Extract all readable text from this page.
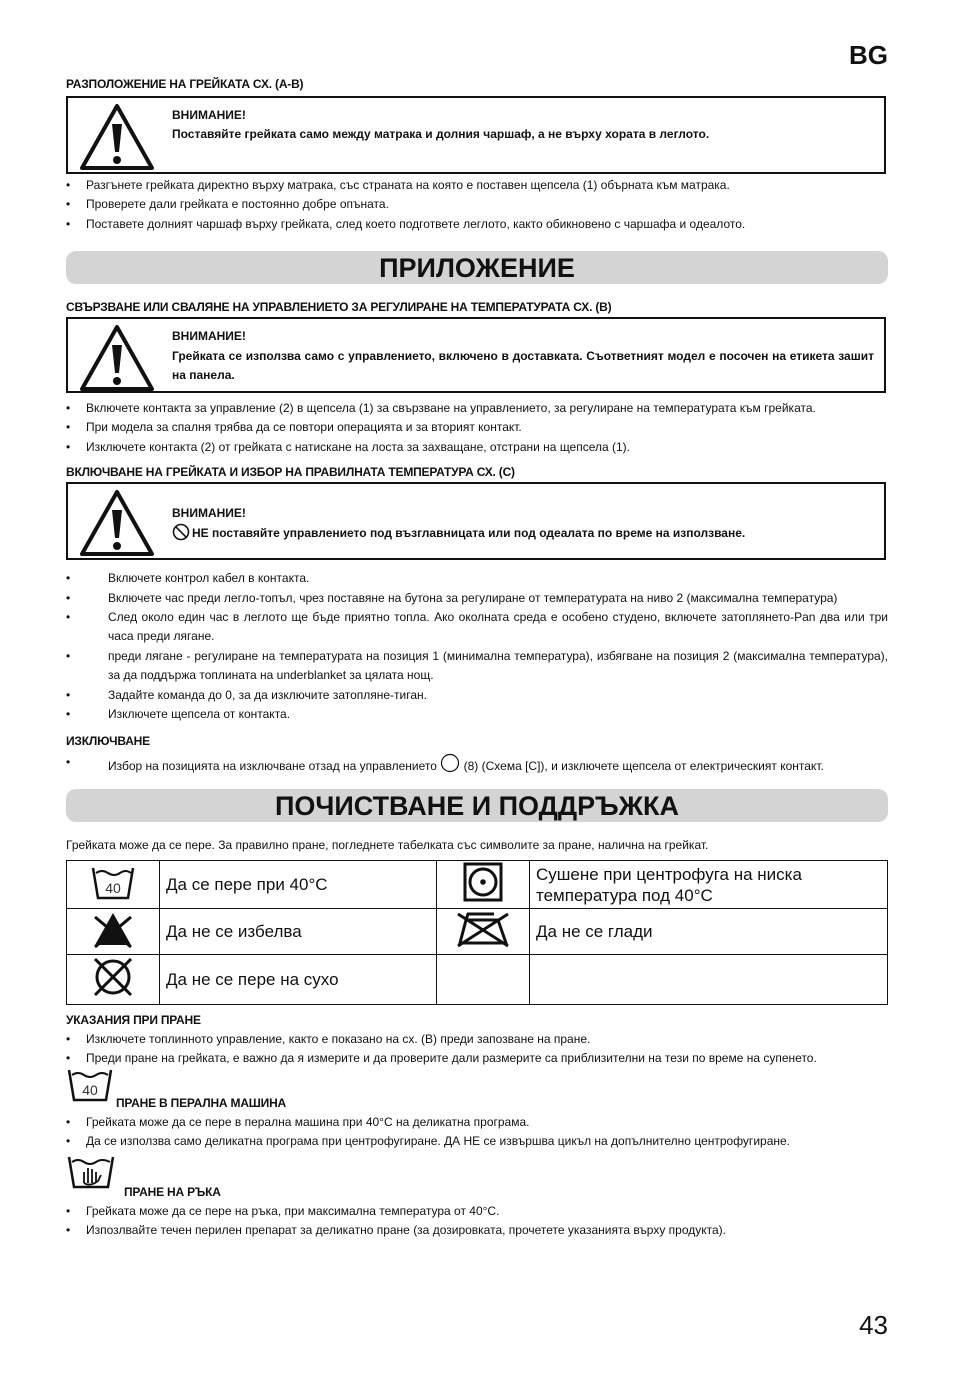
BG
РАЗПОЛОЖЕНИЕ НА ГРЕЙКАТА СХ. (А-В)
ВНИМАНИЕ!
Поставяйте грейката само между матрака и долния чаршаф, а не върху хората в леглото.
•	Разгънете грейката директно върху матрака, със страната на която е поставен щепсела (1) обърната към матрака.
•	Проверете дали грейката е постоянно добре опъната.
•	Поставете долният чаршаф върху грейката, след което подгответе леглото, както обикновено с чаршафа и одеалото.
ПРИЛОЖЕНИЕ
СВЪРЗВАНЕ ИЛИ СВАЛЯНЕ НА УПРАВЛЕНИЕТО ЗА РЕГУЛИРАНЕ НА ТЕМПЕРАТУРАТА СХ. (В)
ВНИМАНИЕ!
Грейката се използва само с управлението, включено в доставката. Съответният модел е посочен на етикета зашит на панела.
•	Включете контакта за управление (2) в щепсела (1) за свързване на управлението, за регулиране на температурата към грейката.
•	При модела за спалня трябва да се повтори операцията и за вторият контакт.
•	Изключете контакта (2) от грейката с натискане на лоста за захващане, отстрани на щепсела (1).
ВКЛЮЧВАНЕ НА ГРЕЙКАТА И ИЗБОР НА ПРАВИЛНАТА ТЕМПЕРАТУРА СХ. (С)
ВНИМАНИЕ!
НЕ поставяйте управлението под възглавницата или под одеалата по време на използване.
•	Включете контрол кабел в контакта.
•	Включете час преди легло-топъл, чрез поставяне на бутона за регулиране от температурата на ниво 2 (максимална температура)
•	След около един час в леглото ще бъде приятно топла. Ако околната среда е особено студено, включете затоплянето-Pan два или три часа преди лягане.
•	преди лягане - регулиране на температурата на позиция 1 (минимална температура), избягване на позиция 2 (максимална температура), за да поддържа топлината на underblanket за цялата нощ.
•	Задайте команда до 0, за да изключите затопляне-тиган.
•	Изключете щепсела от контакта.
ИЗКЛЮЧВАНЕ
•	Избор на позицията на изключване отзад на управлението (8) (Схема [C]), и изключете щепсела от електрическият контакт.
ПОЧИСТВАНЕ И ПОДДРЪЖКА
Грейката може да се пере. За правилно пране, погледнете табелката със символите за пране, налична на грейкат.
40	Да се пере при 40°C		Сушене при центрофуга на ниска температура под 40°C
	Да не се избелва		Да не се глади
	Да не се пере на сухо		
УКАЗАНИЯ ПРИ ПРАНЕ
•	Изключете топлинното управление, както е показано на сх. (В) преди запозване на пране.
•	Преди пране на грейката, е важно да я измерите и да проверите дали размерите са приблизителни на тези по време на супенето.
40
ПРАНЕ В ПЕРАЛНА МАШИНА
•	Грейката може да се пере в перална машина при 40°C на деликатна програма.
•	Да се използва само деликатна програма при центрофугиране. ДА НЕ се извършва цикъл на допълнително центрофугиране.
ПРАНЕ НА РЪКА
•	Грейката може да се пере на ръка, при максимална температура от 40°C.
•	Изпозлвайте течен перилен препарат за деликатно пране (за дозировката, прочетете указанията върху продукта).
43
